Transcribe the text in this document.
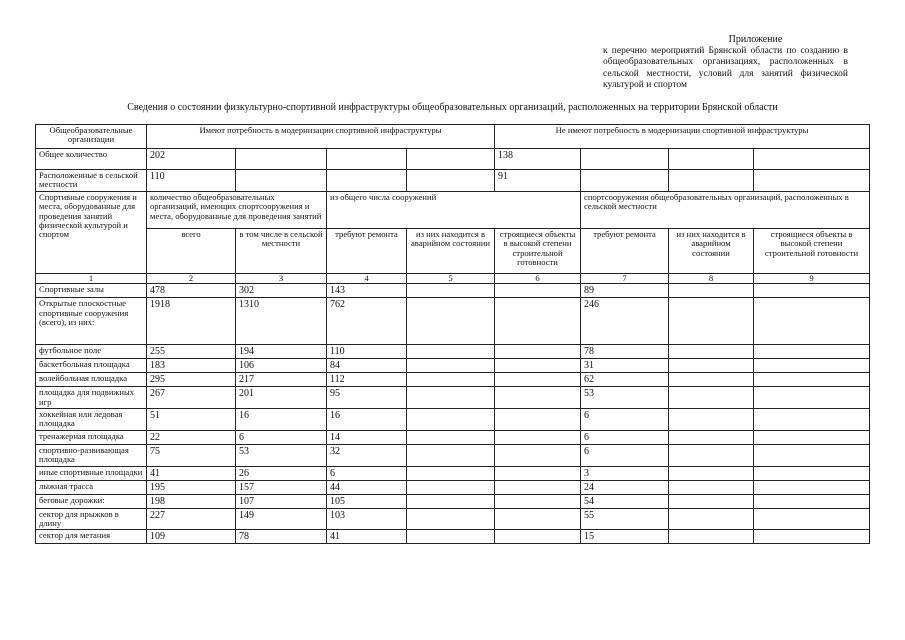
Приложение
к перечню мероприятий Брянской области по созданию в общеобразовательных организациях, расположенных в сельской местности, условий для занятий физической культурой и спортом
Сведения о состоянии физкультурно-спортивной инфраструктуры общеобразовательных организаций, расположенных на территории Брянской области
Общеобразовательные организации	Имеют потребность в модернизации спортивной инфраструктуры				Не имеют потребность в модернизации спортивной инфраструктуры			
Общее количество	202				138			
Расположенные в сельской местности	110				91			
Спортивные сооружения и места, оборудованные для проведения занятий физической культурой и спортом	количество общеобразовательных организаций, имеющих спортсооружения и места, оборудованные для проведения занятий		из общего числа сооружений			спортсооружения общеобразовательных организаций, расположенных в сельской местности		
	всего	в том числе в сельской местности	требуют ремонта	из них находится в аварийном состоянии	строящиеся объекты в высокой степени строительной готовности	требуют ремонта	из них находится в аварийном состоянии	строящиеся объекты в высокой степени строительной готовности
1	2	3	4	5	6	7	8	9
Спортивные залы	478	302	143			89		
Открытые плоскостные спортивные сооружения (всего), из них:	1918	1310	762			246		
футбольное поле	255	194	110			78		
баскетбольная площадка	183	106	84			31		
волейбольная площадка	295	217	112			62		
площадка для подвижных игр	267	201	95			53		
хоккейная или ледовая площадка	51	16	16			6		
тренажерная площадка	22	6	14			6		
спортивно-развивающая площадка	75	53	32			6		
иные спортивные площадки	41	26	6			3		
лыжная трасса	195	157	44			24		
беговые дорожки:	198	107	105			54		
сектор для прыжков в длину	227	149	103			55		
сектор для метания	109	78	41			15		
